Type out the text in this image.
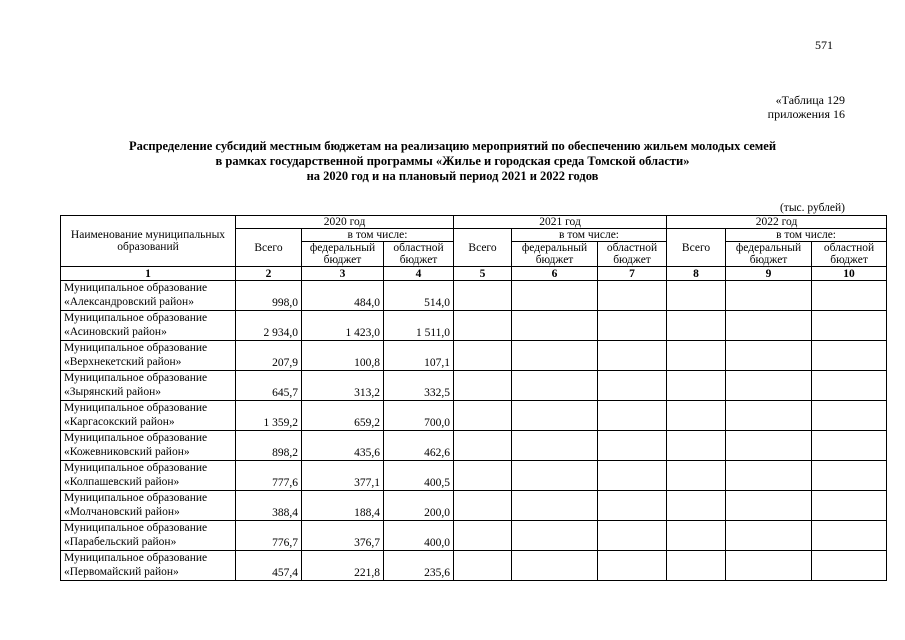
571
«Таблица 129
приложения 16
Распределение субсидий местным бюджетам на реализацию мероприятий по обеспечению жильем молодых семей
в рамках государственной программы «Жилье и городская среда Томской области»
на 2020 год и на плановый период 2021 и 2022 годов
(тыс. рублей)
Наименование муниципальных образований	2020 год			2021 год			2022 год		
	Всего	в том числе:		Всего	в том числе:		Всего	в том числе:	
		федеральный бюджет	областной бюджет		федеральный бюджет	областной бюджет		федеральный бюджет	областной бюджет
1	2	3	4	5	6	7	8	9	10

Муниципальное образование
«Александровский район»	998,0	484,0	514,0						

Муниципальное образование
«Асиновский район»	2 934,0	1 423,0	1 511,0						

Муниципальное образование
«Верхнекетский район»	207,9	100,8	107,1						

Муниципальное образование
«Зырянский район»	645,7	313,2	332,5						

Муниципальное образование
«Каргасокский район»	1 359,2	659,2	700,0						

Муниципальное образование
«Кожевниковский район»	898,2	435,6	462,6						

Муниципальное образование
«Колпашевский район»	777,6	377,1	400,5						

Муниципальное образование
«Молчановский район»	388,4	188,4	200,0						

Муниципальное образование
«Парабельский район»	776,7	376,7	400,0						

Муниципальное образование
«Первомайский район»	457,4	221,8	235,6						
